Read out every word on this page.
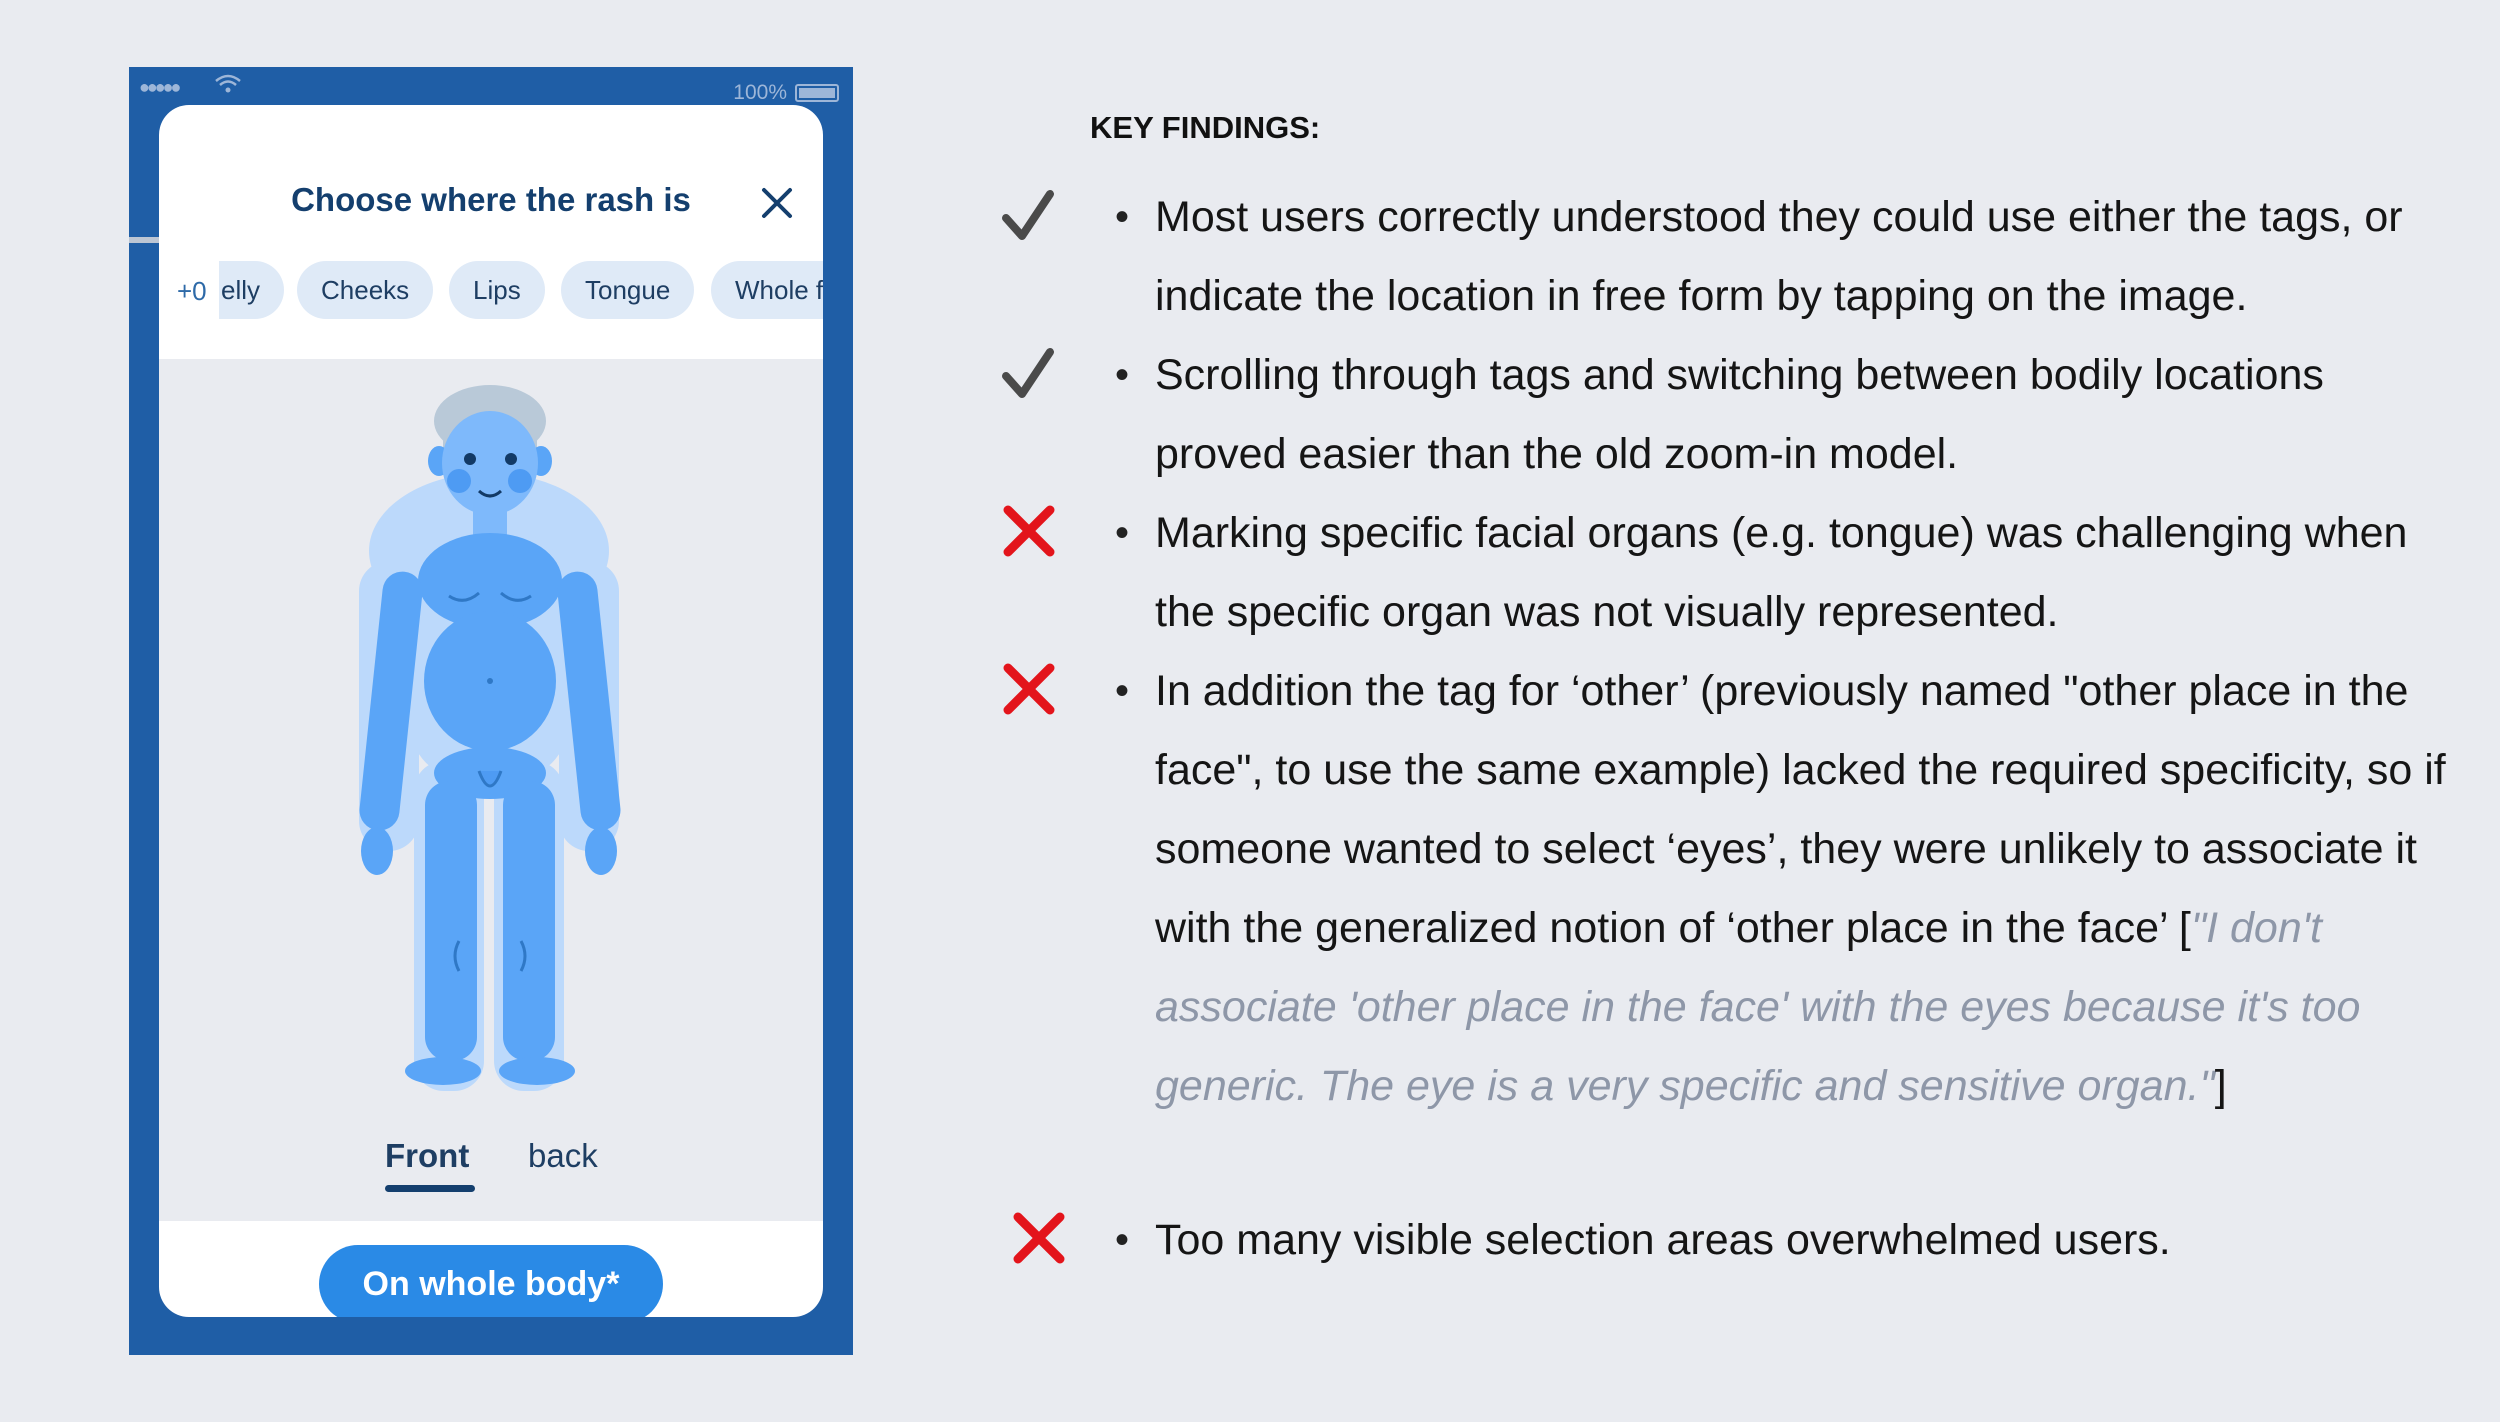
●●●●●	100%
Choose where the rash is
+0 elly	Cheeks	Lips	Tongue	Whole f
Front back
On whole body*
KEY FINDINGS:
• Most users correctly understood they could use either the tags, or indicate the location in free form by tapping on the image.
• Scrolling through tags and switching between bodily locations proved easier than the old zoom-in model.
• Marking specific facial organs (e.g. tongue) was challenging when the specific organ was not visually represented.
• In addition the tag for ‘other’ (previously named "other place in the face", to use the same example) lacked the required specificity, so if someone wanted to select ‘eyes’, they were unlikely to associate it with the generalized notion of ‘other place in the face’ ["I don't associate 'other place in the face' with the eyes because it's too generic. The eye is a very specific and sensitive organ."]
• Too many visible selection areas overwhelmed users.
